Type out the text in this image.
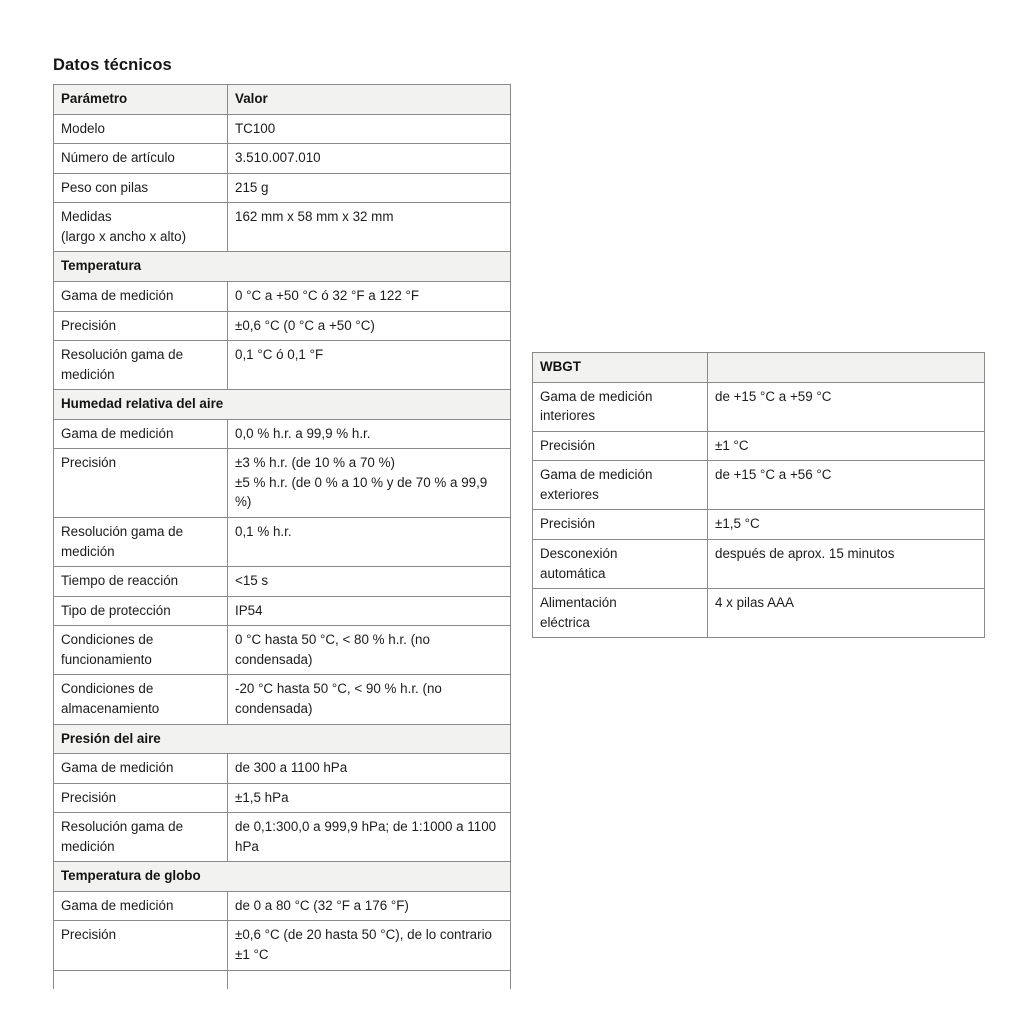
Datos técnicos
Parámetro	Valor

Modelo	TC100

Número de artículo	3.510.007.010

Peso con pilas	215 g

Medidas
(largo x ancho x alto)	162 mm x 58 mm x 32 mm

Temperatura	

Gama de medición	0 °C a +50 °C ó 32 °F a 122 °F

Precisión	±0,6 °C (0 °C a +50 °C)

Resolución gama de
medición	0,1 °C ó 0,1 °F

Humedad relativa del aire	

Gama de medición	0,0 % h.r. a 99,9 % h.r.

Precisión	±3 % h.r. (de 10 % a 70 %)
±5 % h.r. (de 0 % a 10 % y de 70 % a 99,9 %)

Resolución gama de
medición	0,1 % h.r.

Tiempo de reacción	<15 s

Tipo de protección	IP54

Condiciones de
funcionamiento	0 °C hasta 50 °C, < 80 % h.r. (no condensada)

Condiciones de
almacenamiento	-20 °C hasta 50 °C, < 90 % h.r. (no condensada)

Presión del aire	

Gama de medición	de 300 a 1100 hPa

Precisión	±1,5 hPa

Resolución gama de
medición	de 0,1:300,0 a 999,9 hPa; de 1:1000 a 1100 hPa

Temperatura de globo	

Gama de medición	de 0 a 80 °C (32 °F a 176 °F)

Precisión	±0,6 °C (de 20 hasta 50 °C), de lo contrario ±1 °C

WBGT	

Gama de medición
interiores	de +15 °C a +59 °C

Precisión	±1 °C

Gama de medición
exteriores	de +15 °C a +56 °C

Precisión	±1,5 °C

Desconexión
automática	después de aprox. 15 minutos

Alimentación
eléctrica	4 x pilas AAA
